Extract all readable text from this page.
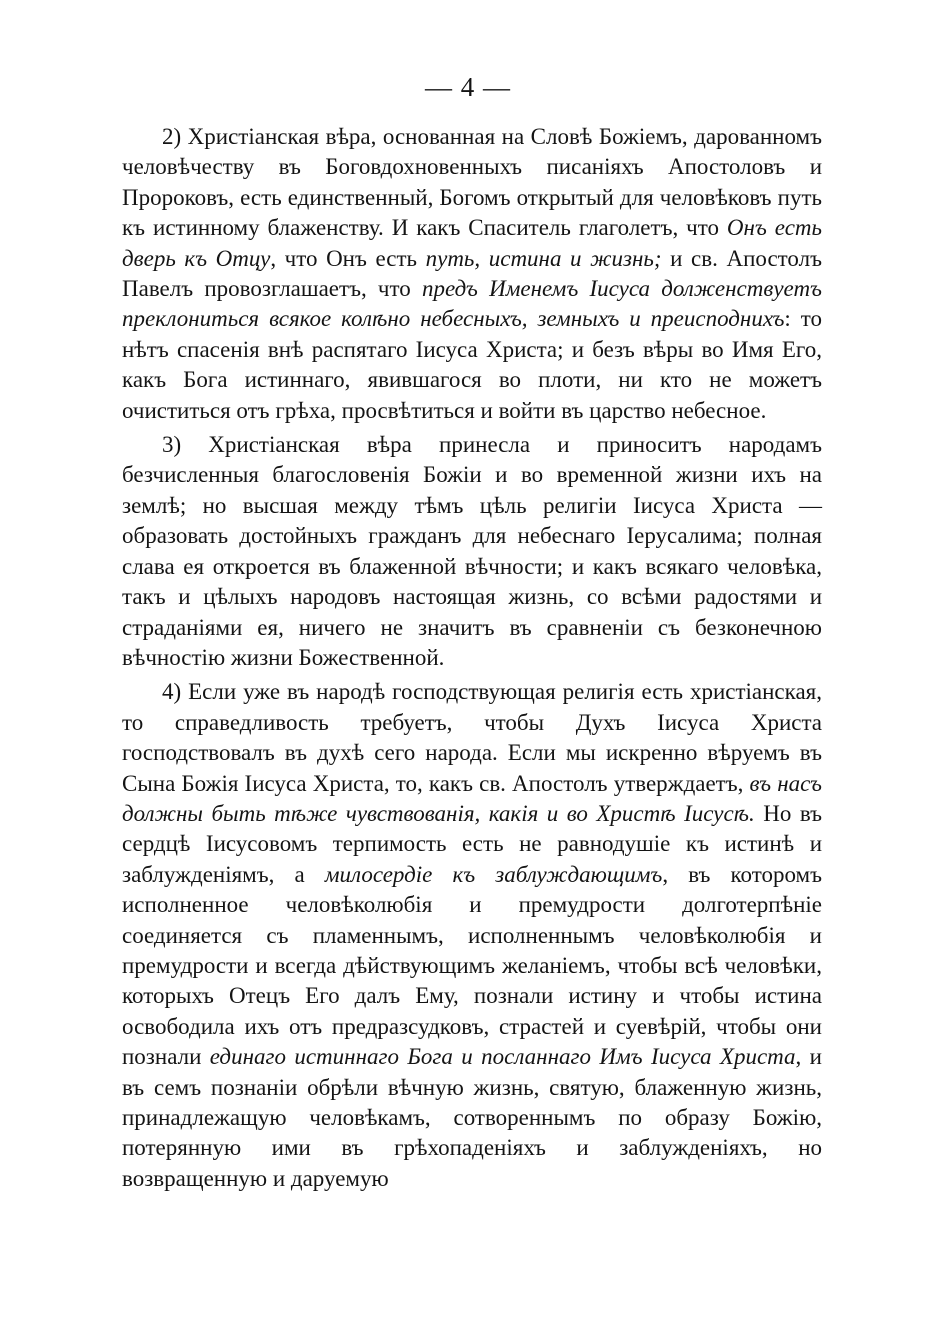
— 4 —

2) Христіанская вѣра, основанная на Словѣ Божіемъ, дарованномъ человѣчеству въ Боговдохновенныхъ писаніяхъ Апостоловъ и Пророковъ, есть единственный, Богомъ открытый для человѣковъ путь къ истинному блаженству. И какъ Спаситель глаголетъ, что Онъ есть дверь къ Отцу, что Онъ есть путь, истина и жизнь; и св. Апостолъ Павелъ провозглашаетъ, что предъ Именемъ Іисуса долженствуетъ преклониться всякое колѣно небесныхъ, земныхъ и преисподнихъ: то нѣтъ спасенія внѣ распятаго Іисуса Христа; и безъ вѣры во Имя Его, какъ Бога истиннаго, явившагося во плоти, ни кто не можетъ очиститься отъ грѣха, просвѣтиться и войти въ царство небесное.

3) Христіанская вѣра принесла и приноситъ народамъ безчисленныя благословенія Божіи и во временной жизни ихъ на землѣ; но высшая между тѣмъ цѣль религіи Іисуса Христа — образовать достойныхъ гражданъ для небеснаго Іерусалима; полная слава ея откроется въ блаженной вѣчности; и какъ всякаго человѣка, такъ и цѣлыхъ народовъ настоящая жизнь, со всѣми радостями и страданіями ея, ничего не значитъ въ сравненіи съ безконечною вѣчностію жизни Божественной.

4) Если уже въ народѣ господствующая религія есть христіанская, то справедливость требуетъ, чтобы Духъ Іисуса Христа господствовалъ въ духѣ сего народа. Если мы искренно вѣруемъ въ Сына Божія Іисуса Христа, то, какъ св. Апостолъ утверждаетъ, въ насъ должны быть тѣже чувствованія, какія и во Христѣ Іисусѣ. Но въ сердцѣ Іисусовомъ терпимость есть не равнодушіе къ истинѣ и заблужденіямъ, а милосердіе къ заблуждающимъ, въ которомъ исполненное человѣколюбія и премудрости долготерпѣніе соединяется съ пламеннымъ, исполненнымъ человѣколюбія и премудрости и всегда дѣйствующимъ желаніемъ, чтобы всѣ человѣки, которыхъ Отецъ Его далъ Ему, познали истину и чтобы истина освободила ихъ отъ предразсудковъ, страстей и суевѣрій, чтобы они познали единаго истиннаго Бога и посланнаго Имъ Іисуса Христа, и въ семъ познаніи обрѣли вѣчную жизнь, святую, блаженную жизнь, принадлежащую человѣкамъ, сотвореннымъ по образу Божію, потерянную ими въ грѣхопаденіяхъ и заблужденіяхъ, но возвращенную и даруемую
